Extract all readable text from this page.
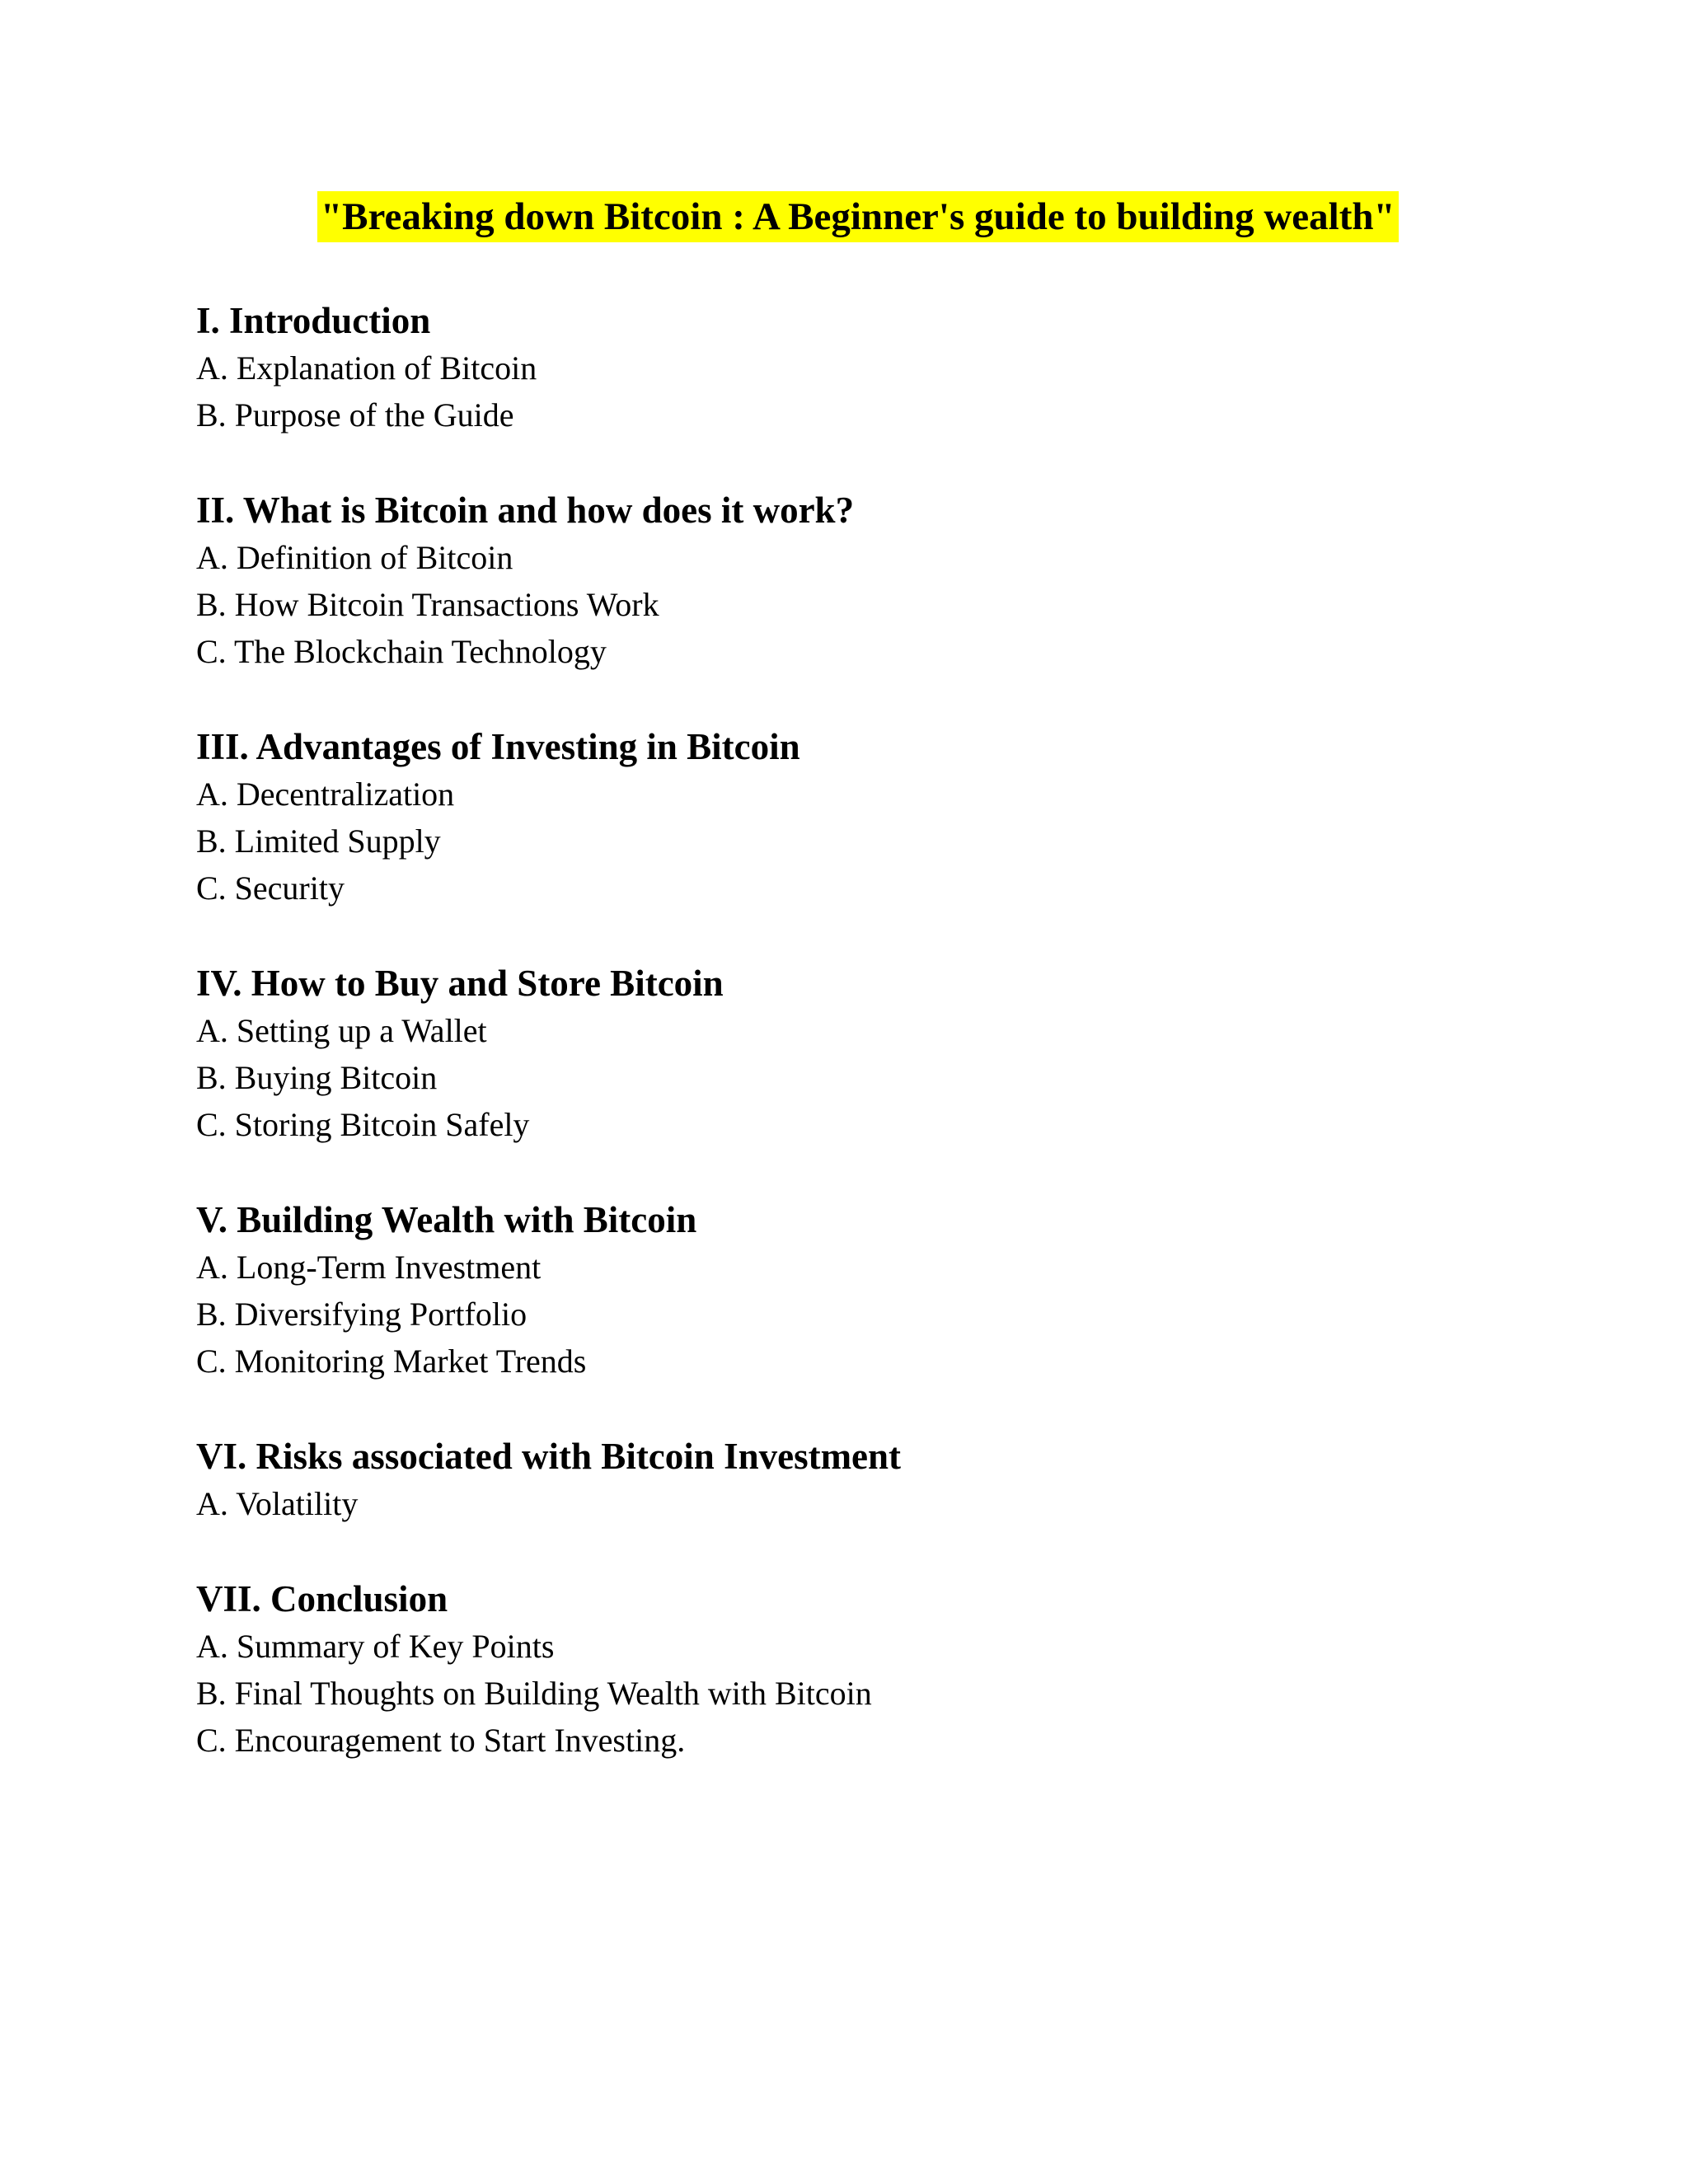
"Breaking down Bitcoin : A Beginner's guide to building wealth"

I. Introduction

A. Explanation of Bitcoin

B. Purpose of the Guide

II. What is Bitcoin and how does it work?

A. Definition of Bitcoin

B. How Bitcoin Transactions Work

C. The Blockchain Technology

III. Advantages of Investing in Bitcoin

A. Decentralization

B. Limited Supply

C. Security

IV. How to Buy and Store Bitcoin

A. Setting up a Wallet

B. Buying Bitcoin

C. Storing Bitcoin Safely

V. Building Wealth with Bitcoin

A. Long-Term Investment

B. Diversifying Portfolio

C. Monitoring Market Trends

VI. Risks associated with Bitcoin Investment

A. Volatility

VII. Conclusion

A. Summary of Key Points

B. Final Thoughts on Building Wealth with Bitcoin

C. Encouragement to Start Investing.
